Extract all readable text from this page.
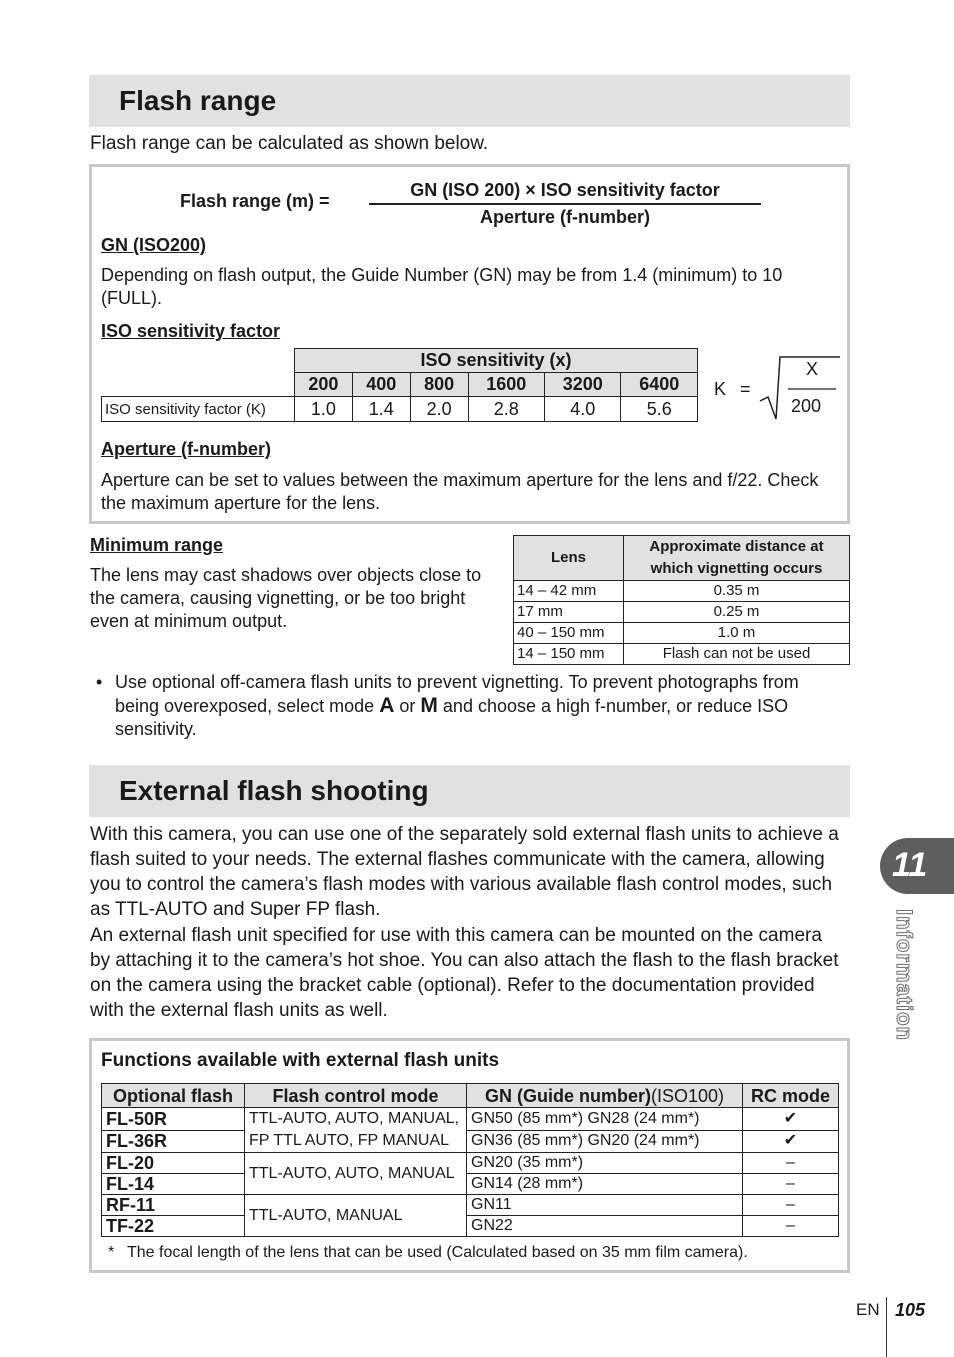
Flash range
Flash range can be calculated as shown below.
Flash range (m) =
GN (ISO 200) × ISO sensitivity factor
Aperture (f-number)
GN (ISO200)
Depending on flash output, the Guide Number (GN) may be from 1.4 (minimum) to 10 (FULL).
ISO sensitivity factor
	ISO sensitivity (x)					
	200	400	800	1600	3200	6400
ISO sensitivity factor (K)	1.0	1.4	2.0	2.8	4.0	5.6
K =
X
200
Aperture (f-number)
Aperture can be set to values between the maximum aperture for the lens and f/22. Check the maximum aperture for the lens.
Minimum range
The lens may cast shadows over objects close to the camera, causing vignetting, or be too bright even at minimum output.
Lens	Approximate distance at which vignetting occurs
14 – 42 mm	0.35 m
17 mm	0.25 m
40 – 150 mm	1.0 m
14 – 150 mm	Flash can not be used
• Use optional off-camera flash units to prevent vignetting. To prevent photographs from being overexposed, select mode A or M and choose a high f-number, or reduce ISO sensitivity.
External flash shooting
With this camera, you can use one of the separately sold external flash units to achieve a flash suited to your needs. The external flashes communicate with the camera, allowing you to control the camera’s flash modes with various available flash control modes, such as TTL-AUTO and Super FP flash.
An external flash unit specified for use with this camera can be mounted on the camera by attaching it to the camera’s hot shoe. You can also attach the flash to the flash bracket on the camera using the bracket cable (optional). Refer to the documentation provided with the external flash units as well.
Functions available with external flash units
Optional flash	Flash control mode	GN (Guide number)(ISO100)	RC mode
FL-50R	TTL-AUTO, AUTO, MANUAL, FP TTL AUTO, FP MANUAL	GN50 (85 mm*) GN28 (24 mm*)	✔
FL-36R		GN36 (85 mm*) GN20 (24 mm*)	✔
FL-20	TTL-AUTO, AUTO, MANUAL	GN20 (35 mm*)	–
FL-14		GN14 (28 mm*)	–
RF-11	TTL-AUTO, MANUAL	GN11	–
TF-22		GN22	–
* The focal length of the lens that can be used (Calculated based on 35 mm film camera).
11
Information
EN 105
